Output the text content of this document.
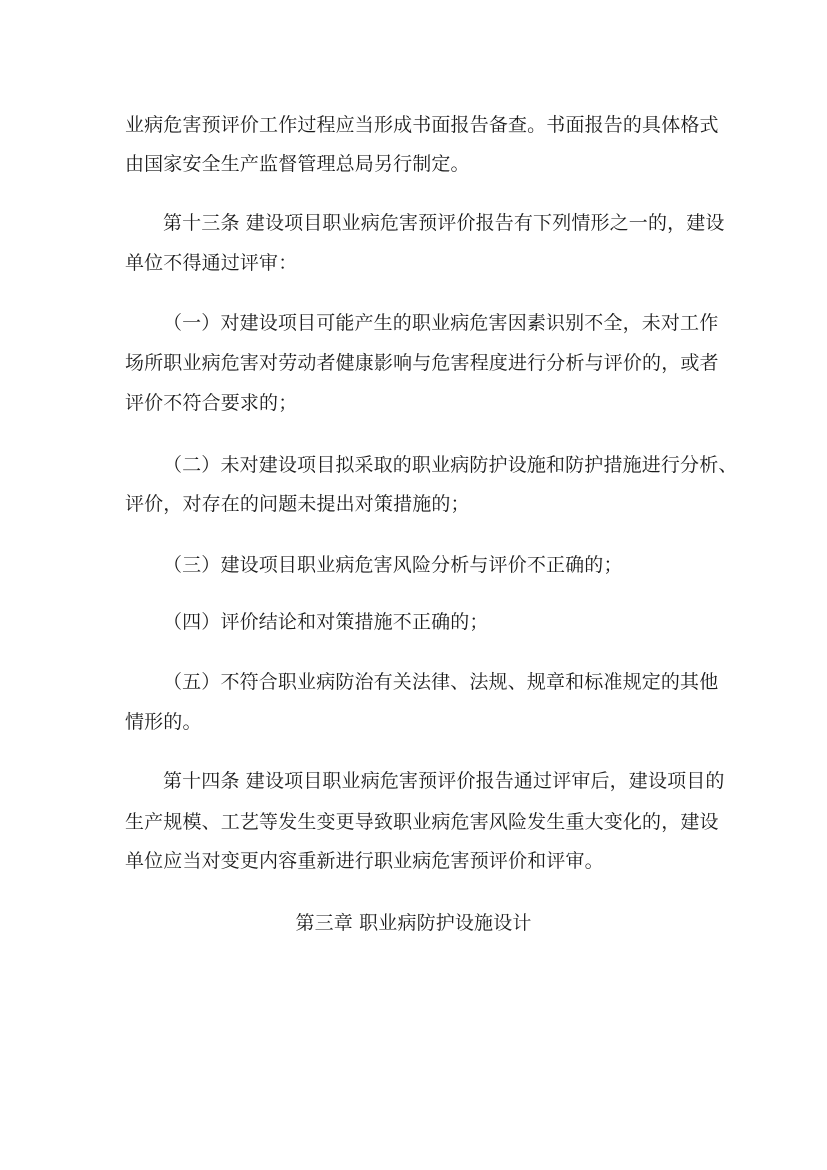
业病危害预评价工作过程应当形成书面报告备查。书面报告的具体格式
由国家安全生产监督管理总局另行制定。
第十三条 建设项目职业病危害预评价报告有下列情形之一的，建设
单位不得通过评审：
（一）对建设项目可能产生的职业病危害因素识别不全，未对工作
场所职业病危害对劳动者健康影响与危害程度进行分析与评价的，或者
评价不符合要求的；
（二）未对建设项目拟采取的职业病防护设施和防护措施进行分析、
评价，对存在的问题未提出对策措施的；
（三）建设项目职业病危害风险分析与评价不正确的；
（四）评价结论和对策措施不正确的；
（五）不符合职业病防治有关法律、法规、规章和标准规定的其他
情形的。
第十四条 建设项目职业病危害预评价报告通过评审后，建设项目的
生产规模、工艺等发生变更导致职业病危害风险发生重大变化的，建设
单位应当对变更内容重新进行职业病危害预评价和评审。
第三章 职业病防护设施设计
